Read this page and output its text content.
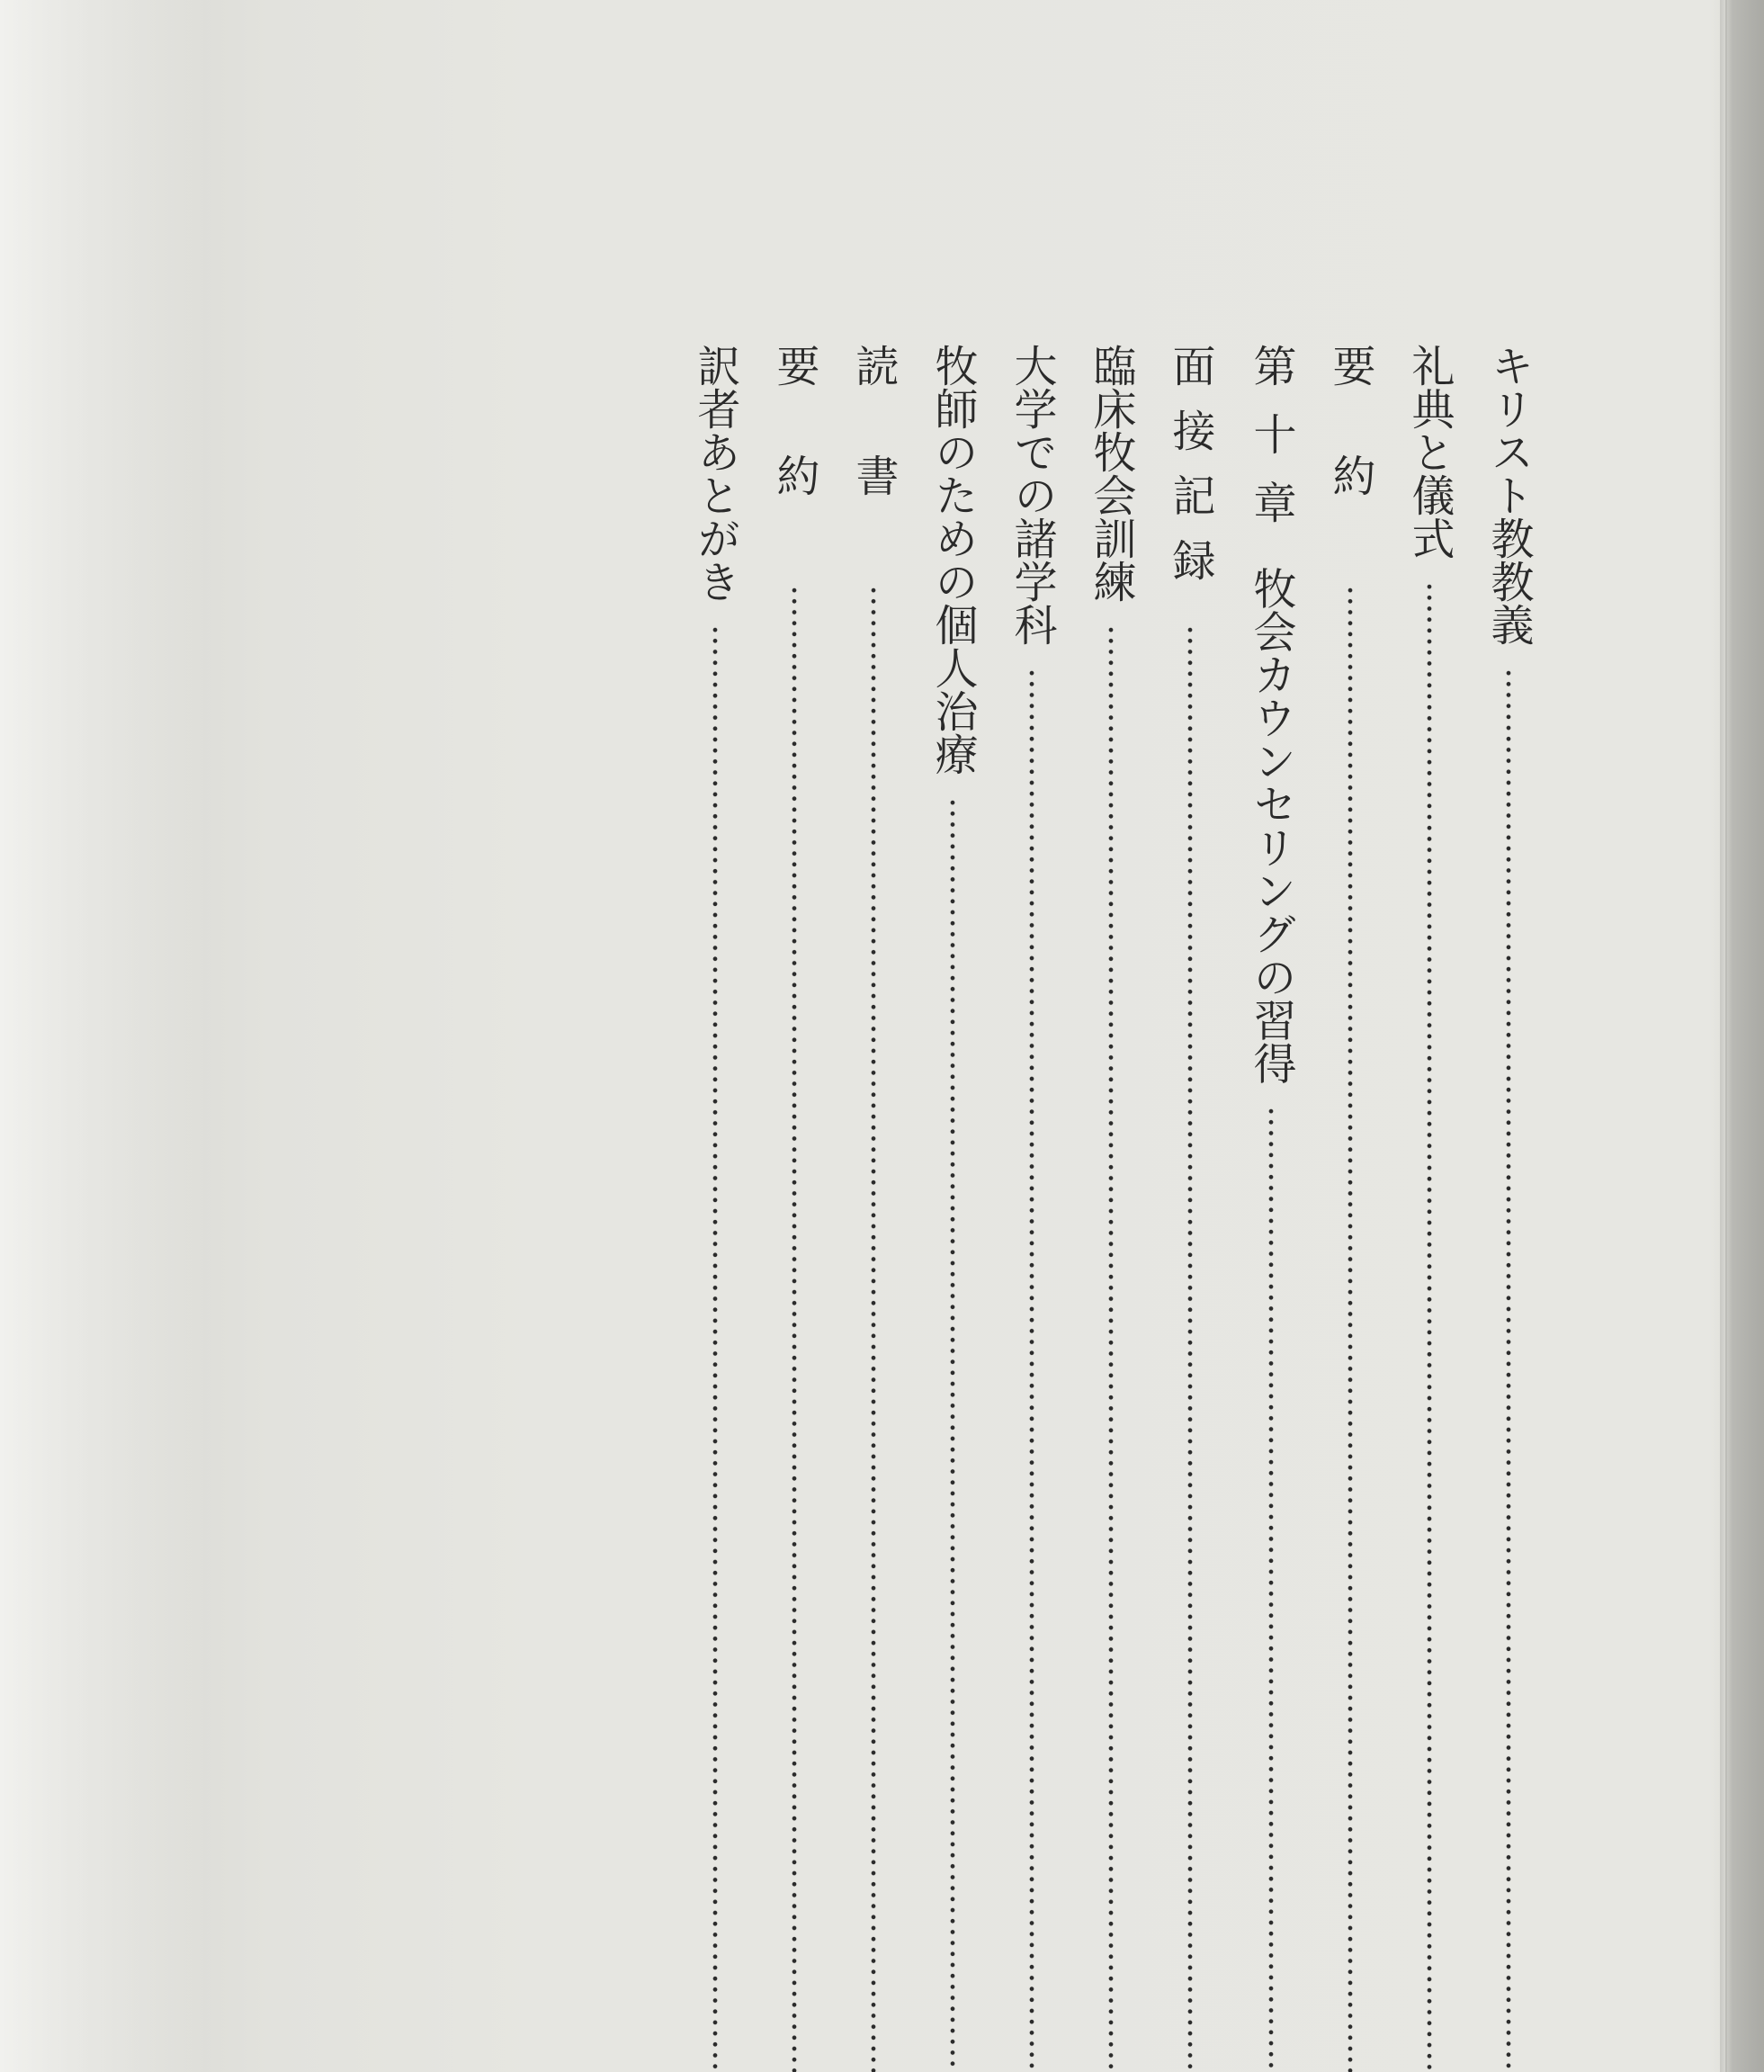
キリスト教教義
礼典と儀式
要約
第十章 牧会カウンセリングの習得
面接記録
臨床牧会訓練
大学での諸学科
牧師のための個人治療
読書
要約
訳者あとがき
